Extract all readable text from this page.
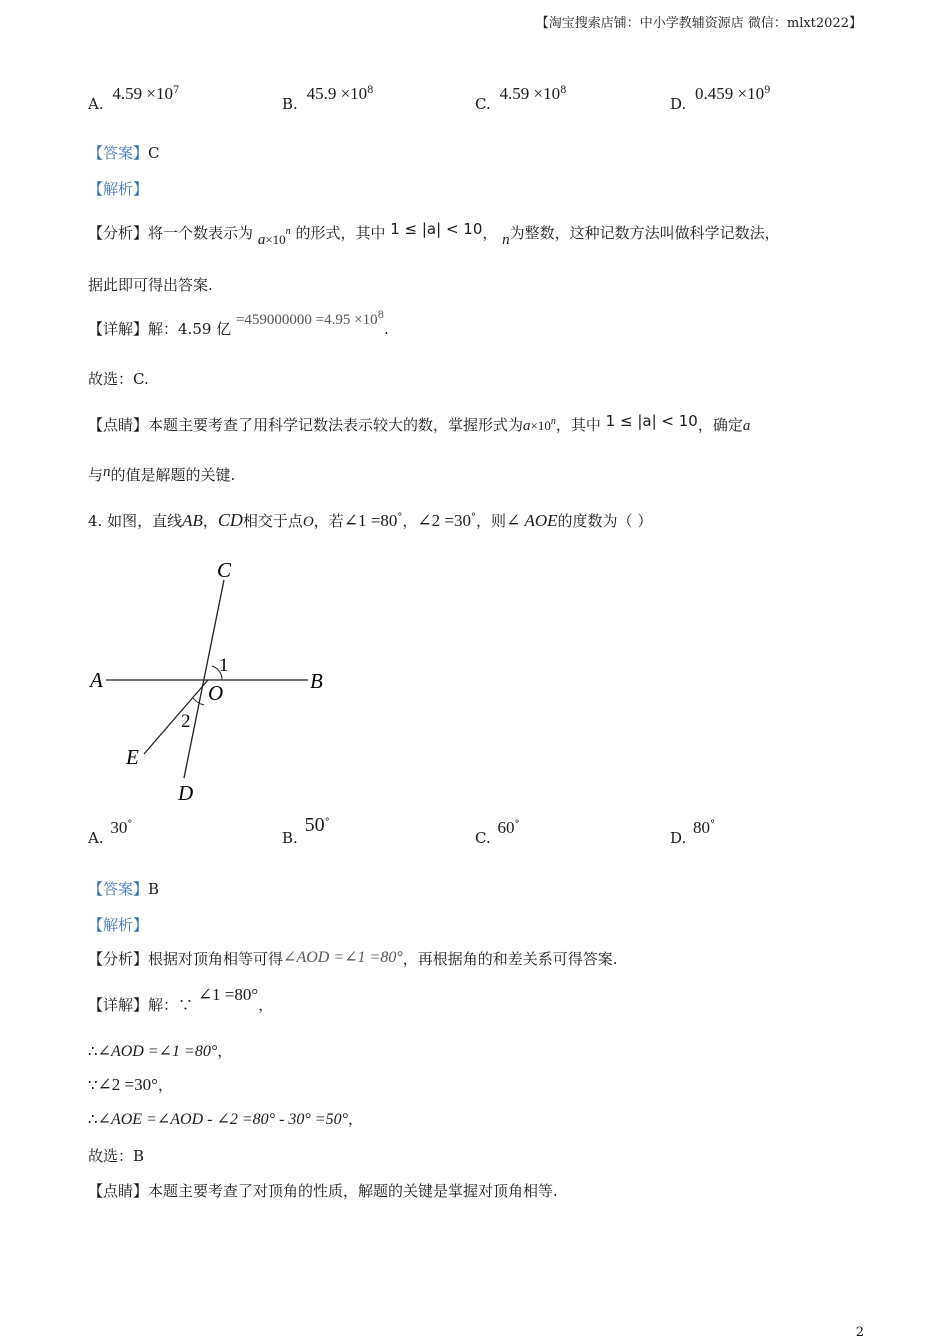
【淘宝搜索店铺：中小学教辅资源店 微信：mlxt2022】
A. $4.59 \times 10^7$
B. $45.9 \times 10^8$
C. $4.59 \times 10^8$
D. $0.459 \times 10^9$
【答案】C
【解析】
【分析】将一个数表示为 $a\times 10^n$ 的形式，其中 1 ≤ |a| < 10， n为整数，这种记数方法叫做科学记数法，
据此即可得出答案.
【详解】解：4.59 亿 $=459000000 =4.95 \times 10^8$.
故选：C.
【点睛】本题主要考查了用科学记数法表示较大的数，掌握形式为$a\times 10^n$，其中 1 ≤ |a| < 10，确定a
与n的值是解题的关键.
4. 如图，直线AB，CD相交于点O，若∠1 =80°，∠2 =30°，则∠ AOE的度数为（ ）
C
A	B
O
E
D
1
2
A. 30°
B. 50°
C. 60°
D. 80°
【答案】B
【解析】
【分析】根据对顶角相等可得∠AOD =∠1 =80°，再根据角的和差关系可得答案.
【详解】解：∵ ∠1 =80°，
∴∠AOD =∠1 =80°，
∵∠2 =30°，
∴∠AOE =∠AOD - ∠2 =80° - 30° =50°，
故选：B
【点睛】本题主要考查了对顶角的性质，解题的关键是掌握对顶角相等.
2
